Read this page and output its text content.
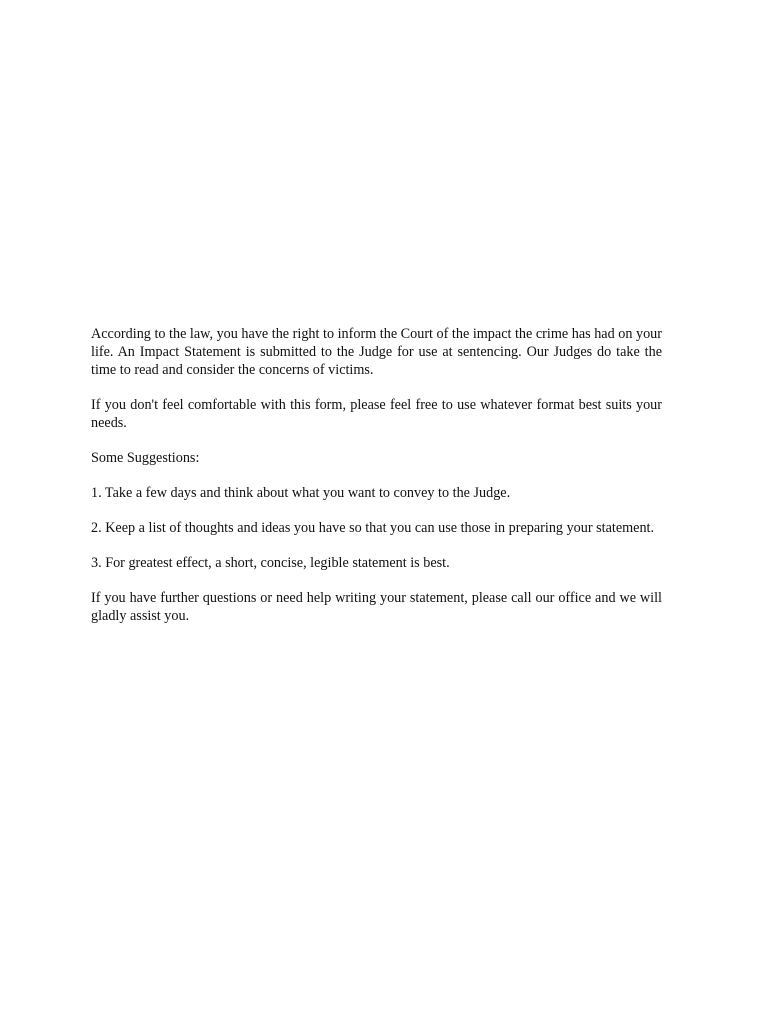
According to the law, you have the right to inform the Court of the impact the crime has had on your life. An Impact Statement is submitted to the Judge for use at sentencing. Our Judges do take the time to read and consider the concerns of victims.

If you don't feel comfortable with this form, please feel free to use whatever format best suits your needs.

Some Suggestions:

1. Take a few days and think about what you want to convey to the Judge.

2. Keep a list of thoughts and ideas you have so that you can use those in preparing your statement.

3. For greatest effect, a short, concise, legible statement is best.

If you have further questions or need help writing your statement, please call our office and we will gladly assist you.
